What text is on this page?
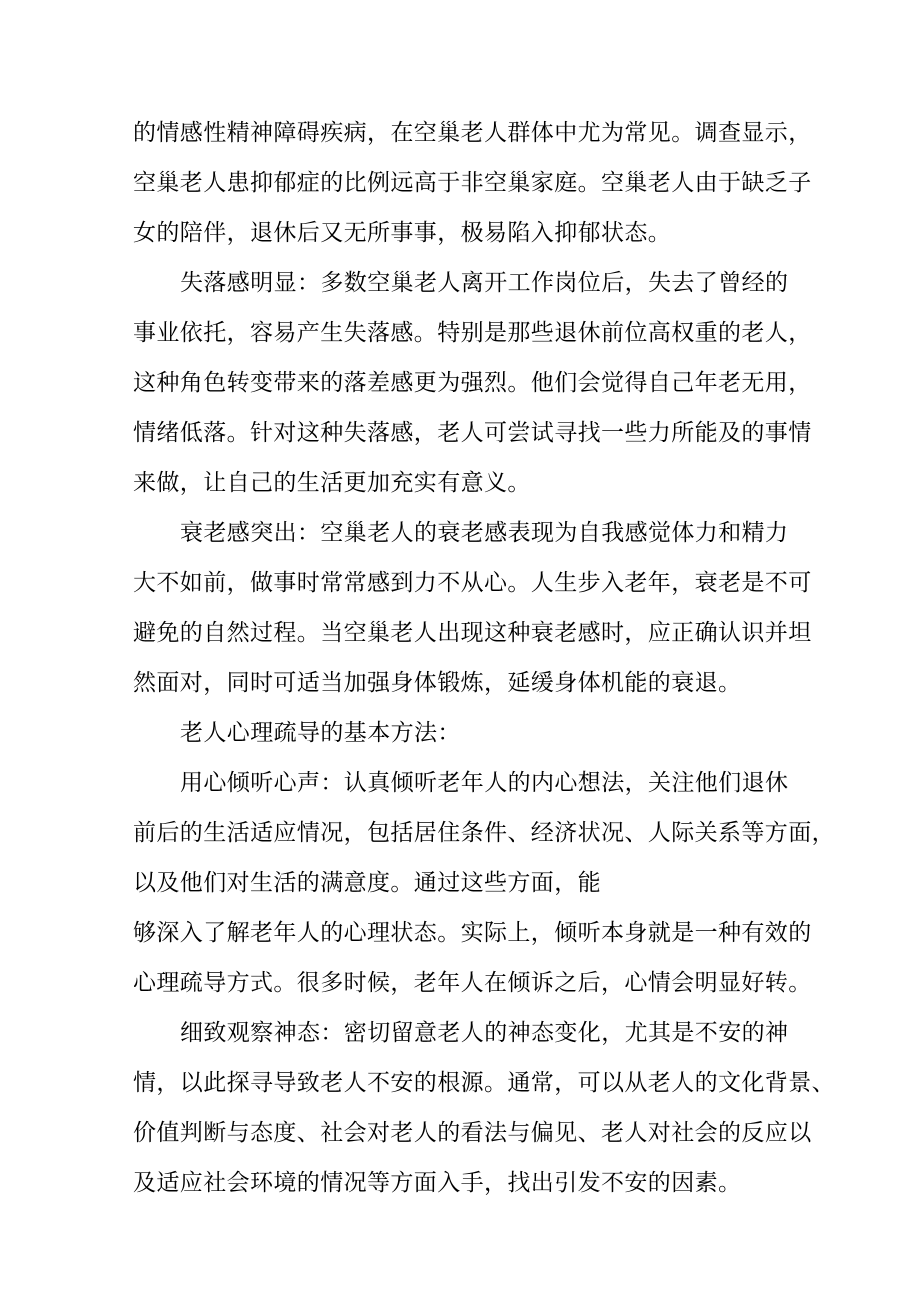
的情感性精神障碍疾病，在空巢老人群体中尤为常见。调查显示，
空巢老人患抑郁症的比例远高于非空巢家庭。空巢老人由于缺乏子
女的陪伴，退休后又无所事事，极易陷入抑郁状态。
失落感明显：多数空巢老人离开工作岗位后，失去了曾经的
事业依托，容易产生失落感。特别是那些退休前位高权重的老人，
这种角色转变带来的落差感更为强烈。他们会觉得自己年老无用，
情绪低落。针对这种失落感，老人可尝试寻找一些力所能及的事情
来做，让自己的生活更加充实有意义。
衰老感突出：空巢老人的衰老感表现为自我感觉体力和精力
大不如前，做事时常常感到力不从心。人生步入老年，衰老是不可
避免的自然过程。当空巢老人出现这种衰老感时，应正确认识并坦
然面对，同时可适当加强身体锻炼，延缓身体机能的衰退。
老人心理疏导的基本方法：
用心倾听心声：认真倾听老年人的内心想法，关注他们退休
前后的生活适应情况，包括居住条件、经济状况、人际关系等方面，
以及他们对生活的满意度。通过这些方面，能
够深入了解老年人的心理状态。实际上，倾听本身就是一种有效的
心理疏导方式。很多时候，老年人在倾诉之后，心情会明显好转。
细致观察神态：密切留意老人的神态变化，尤其是不安的神
情，以此探寻导致老人不安的根源。通常，可以从老人的文化背景、
价值判断与态度、社会对老人的看法与偏见、老人对社会的反应以
及适应社会环境的情况等方面入手，找出引发不安的因素。
